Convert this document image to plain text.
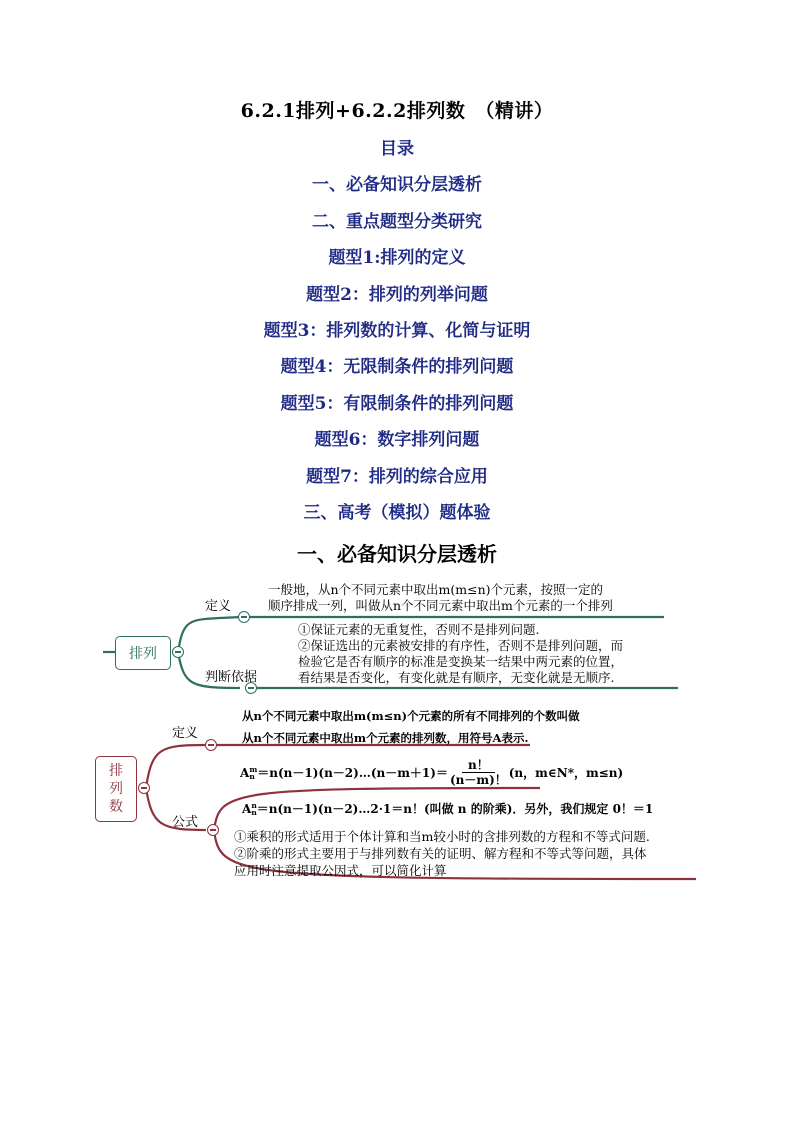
6.2.1排列+6.2.2排列数　（精讲）
目录
一、必备知识分层透析
二、重点题型分类研究
题型1:排列的定义
题型2：排列的列举问题
题型3：排列数的计算、化简与证明
题型4：无限制条件的排列问题
题型5：有限制条件的排列问题
题型6：数字排列问题
题型7：排列的综合应用
三、高考（模拟）题体验
一、必备知识分层透析
排列
定义
判断依据
一般地，从n个不同元素中取出m(m≤n)个元素，按照一定的
顺序排成一列，叫做从n个不同元素中取出m个元素的一个排列
①保证元素的无重复性，否则不是排列问题.
②保证选出的元素被安排的有序性，否则不是排列问题，而
检验它是否有顺序的标准是变换某一结果中两元素的位置，
看结果是否变化，有变化就是有顺序，无变化就是无顺序.
排
列
数
定义
公式
从n个不同元素中取出m(m≤n)个元素的所有不同排列的个数叫做
从n个不同元素中取出m个元素的排列数，用符号A表示.
A m
n ＝n(n－1)(n－2)…(n－m＋1)＝ $\frac{n!}{(n-m)!} (n$，m∈N*，m≤n)
A n
n ＝n(n－1)(n－2)…2·1＝n！(叫做 n 的阶乘)．另外，我们规定 0！＝1
①乘积的形式适用于个体计算和当m较小时的含排列数的方程和不等式问题.
②阶乘的形式主要用于与排列数有关的证明、解方程和不等式等问题，具体
应用时注意提取公因式，可以简化计算
